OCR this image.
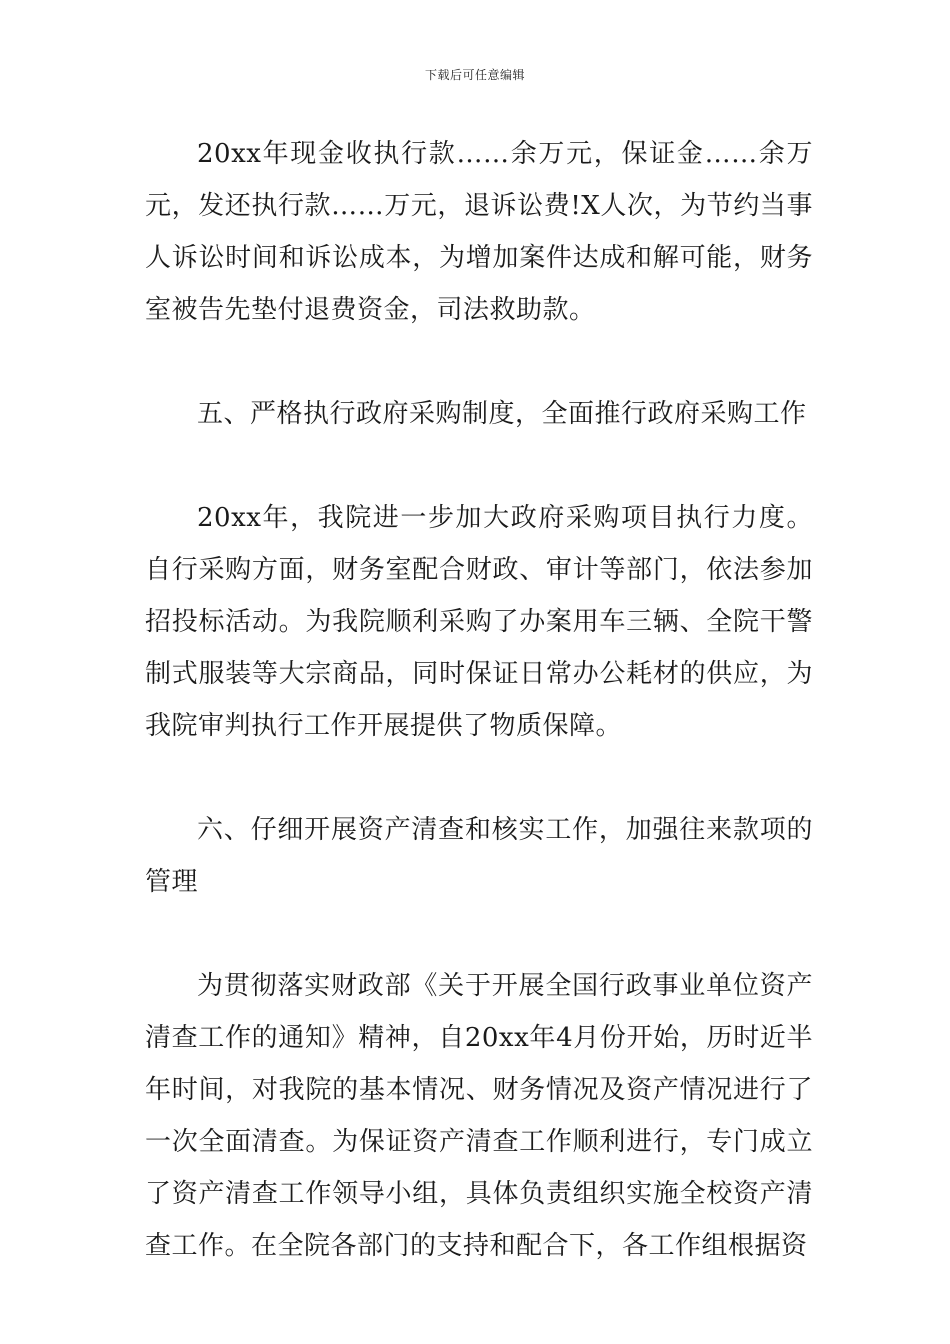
下载后可任意编辑

20xx年现金收执行款……余万元，保证金……余万元，发还执行款……万元，退诉讼费!X人次，为节约当事人诉讼时间和诉讼成本，为增加案件达成和解可能，财务室被告先垫付退费资金，司法救助款。

五、严格执行政府采购制度，全面推行政府采购工作

20xx年，我院进一步加大政府采购项目执行力度。自行采购方面，财务室配合财政、审计等部门，依法参加招投标活动。为我院顺利采购了办案用车三辆、全院干警制式服装等大宗商品，同时保证日常办公耗材的供应，为我院审判执行工作开展提供了物质保障。

六、仔细开展资产清查和核实工作，加强往来款项的管理

为贯彻落实财政部《关于开展全国行政事业单位资产清查工作的通知》精神，自20xx年4月份开始，历时近半年时间，对我院的基本情况、财务情况及资产情况进行了一次全面清查。为保证资产清查工作顺利进行，专门成立了资产清查工作领导小组，具体负责组织实施全校资产清查工作。在全院各部门的支持和配合下，各工作组根据资
